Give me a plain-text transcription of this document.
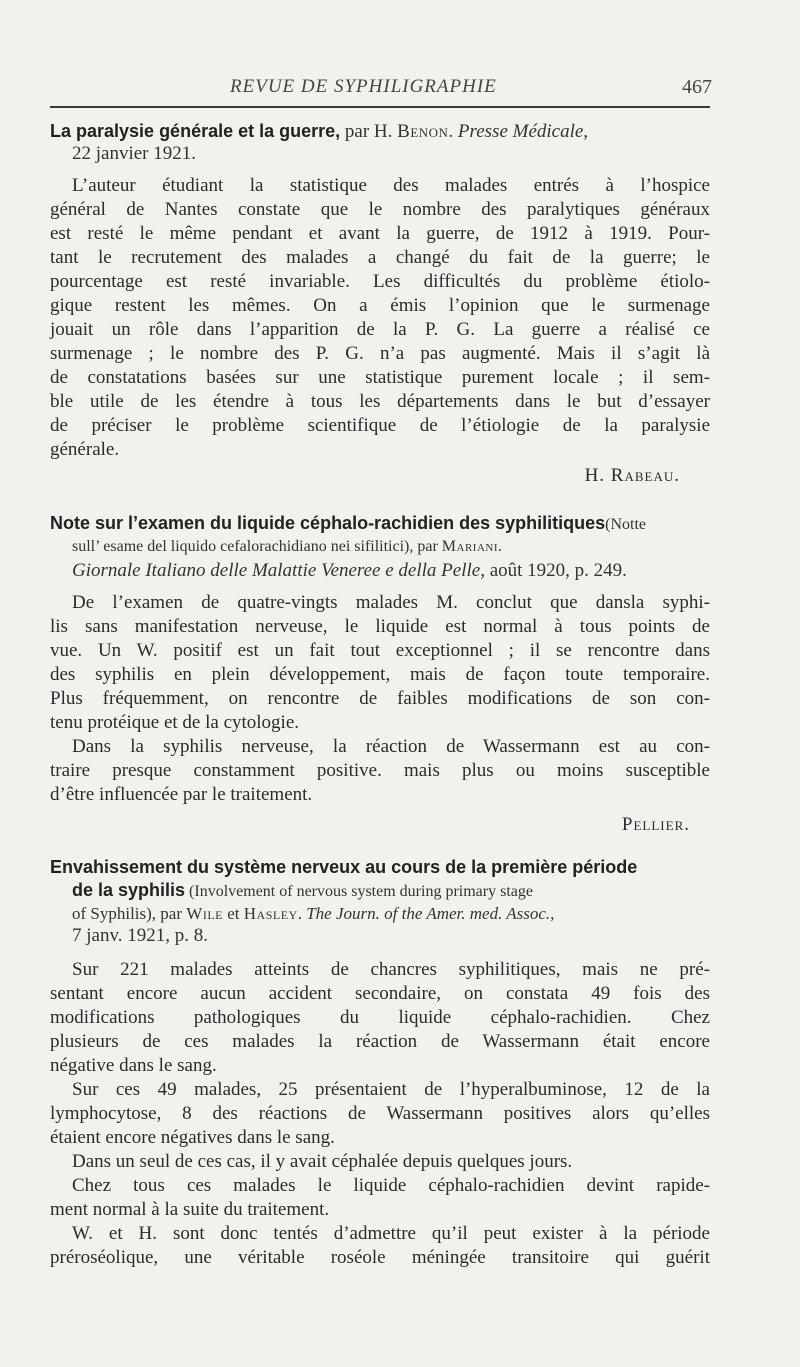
REVUE DE SYPHILIGRAPHIE	467
La paralysie générale et la guerre, par H. Benon. Presse Médicale,
22 janvier 1921.
L’auteur étudiant la statistique des malades entrés à l’hospice
général de Nantes constate que le nombre des paralytiques généraux
est resté le même pendant et avant la guerre, de 1912 à 1919. Pour-
tant le recrutement des malades a changé du fait de la guerre; le
pourcentage est resté invariable. Les difficultés du problème étiolo-
gique restent les mêmes. On a émis l’opinion que le surmenage
jouait un rôle dans l’apparition de la P. G. La guerre a réalisé ce
surmenage ; le nombre des P. G. n’a pas augmenté. Mais il s’agit là
de constatations basées sur une statistique purement locale ; il sem-
ble utile de les étendre à tous les départements dans le but d’essayer
de préciser le problème scientifique de l’étiologie de la paralysie
générale.
H. Rabeau.
Note sur l’examen du liquide céphalo-rachidien des syphilitiques(Notte
sull’ esame del liquido cefalorachidiano nei sifilitici), par Mariani.
Giornale Italiano delle Malattie Veneree e della Pelle, août 1920, p. 249.
De l’examen de quatre-vingts malades M. conclut que dansla syphi-
lis sans manifestation nerveuse, le liquide est normal à tous points de
vue. Un W. positif est un fait tout exceptionnel ; il se rencontre dans
des syphilis en plein développement, mais de façon toute temporaire.
Plus fréquemment, on rencontre de faibles modifications de son con-
tenu protéique et de la cytologie.
Dans la syphilis nerveuse, la réaction de Wassermann est au con-
traire presque constamment positive. mais plus ou moins susceptible
d’être influencée par le traitement.
Pellier.
Envahissement du système nerveux au cours de la première période
de la syphilis (Involvement of nervous system during primary stage
of Syphilis), par Wile et Hasley. The Journ. of the Amer. med. Assoc.,
7 janv. 1921, p. 8.
Sur 221 malades atteints de chancres syphilitiques, mais ne pré-
sentant encore aucun accident secondaire, on constata 49 fois des
modifications pathologiques du liquide céphalo-rachidien. Chez
plusieurs de ces malades la réaction de Wassermann était encore
négative dans le sang.
Sur ces 49 malades, 25 présentaient de l’hyperalbuminose, 12 de la
lymphocytose, 8 des réactions de Wassermann positives alors qu’elles
étaient encore négatives dans le sang.
Dans un seul de ces cas, il y avait céphalée depuis quelques jours.
Chez tous ces malades le liquide céphalo-rachidien devint rapide-
ment normal à la suite du traitement.
W. et H. sont donc tentés d’admettre qu’il peut exister à la période
préroséolique, une véritable roséole méningée transitoire qui guérit
